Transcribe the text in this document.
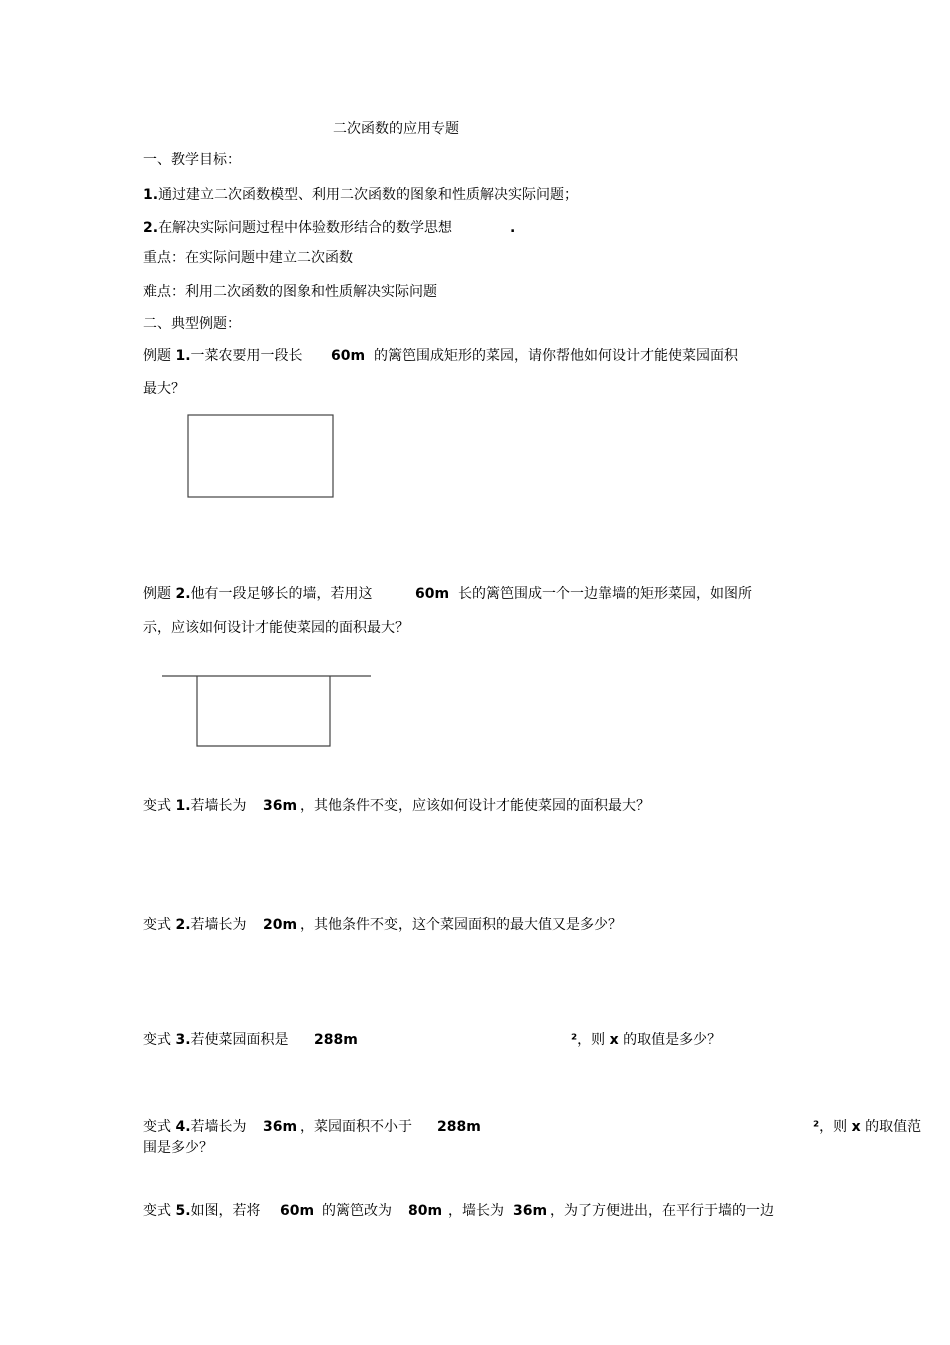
二次函数的应用专题
一、教学目标：
1.通过建立二次函数模型、利用二次函数的图象和性质解决实际问题；
2.在解决实际问题过程中体验数形结合的数学思想	.
重点：在实际问题中建立二次函数
难点：利用二次函数的图象和性质解决实际问题
二、典型例题：
例题 1.一菜农要用一段长 60m 的篱笆围成矩形的菜园，请你帮他如何设计才能使菜园面积
最大？
例题 2.他有一段足够长的墙，若用这	60m 长的篱笆围成一个一边靠墙的矩形菜园，如图所
示，应该如何设计才能使菜园的面积最大？
变式 1.若墙长为 36m ，其他条件不变，应该如何设计才能使菜园的面积最大？
变式 2.若墙长为 20m ，其他条件不变，这个菜园面积的最大值又是多少？
变式 3.若使菜园面积是 288m	²，则 x 的取值是多少？
变式 4.若墙长为 36m ，菜园面积不小于 288m	²，则 x 的取值范
围是多少？
变式 5.如图，若将 60m 的篱笆改为 80m ，墙长为 36m ，为了方便进出，在平行于墙的一边
